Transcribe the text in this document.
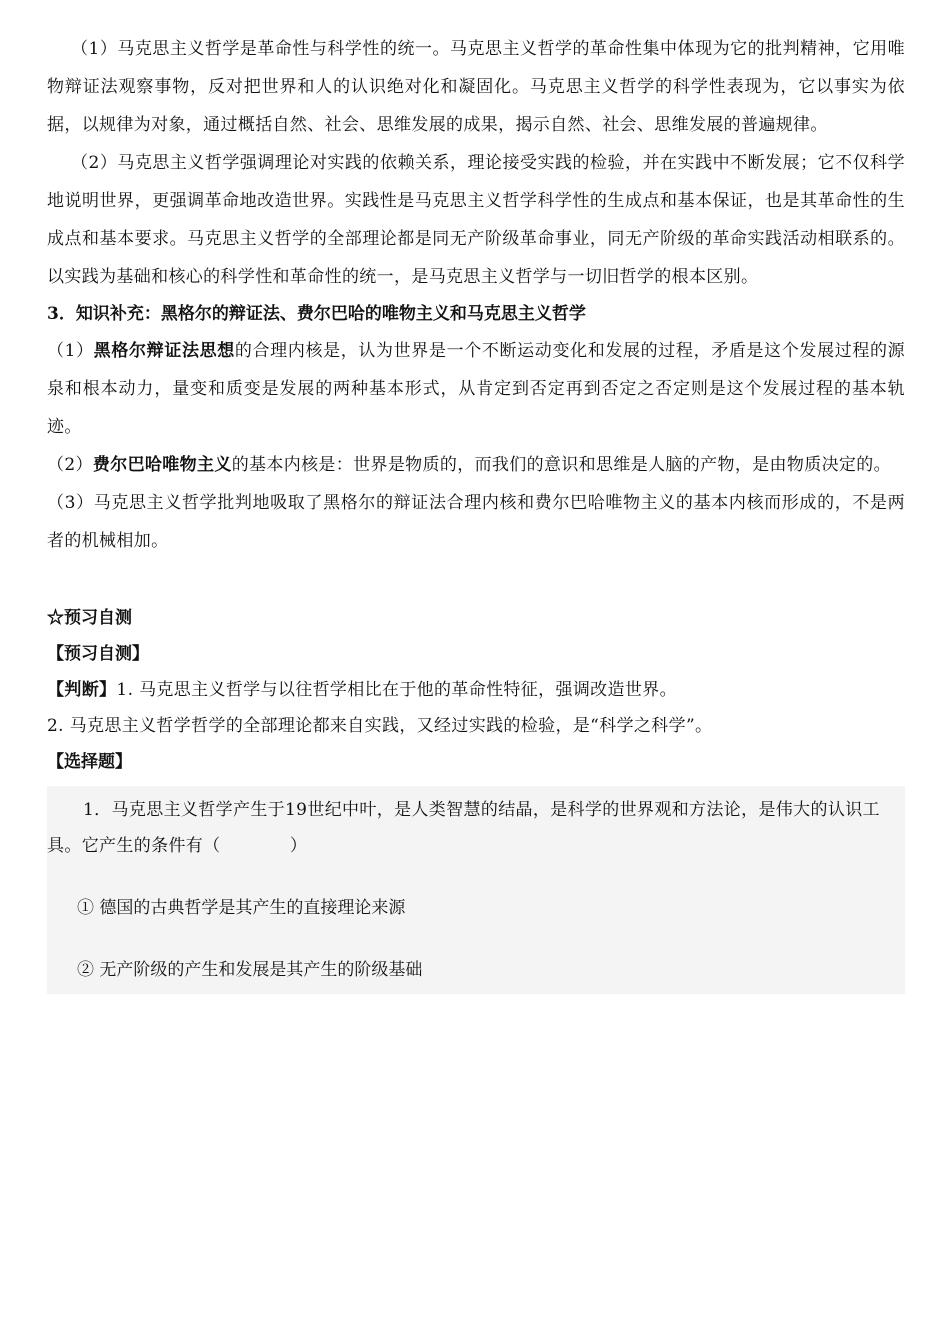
（1）马克思主义哲学是革命性与科学性的统一。马克思主义哲学的革命性集中体现为它的批判精神，它用唯物辩证法观察事物，反对把世界和人的认识绝对化和凝固化。马克思主义哲学的科学性表现为，它以事实为依据，以规律为对象，通过概括自然、社会、思维发展的成果，揭示自然、社会、思维发展的普遍规律。

（2）马克思主义哲学强调理论对实践的依赖关系，理论接受实践的检验，并在实践中不断发展；它不仅科学地说明世界，更强调革命地改造世界。实践性是马克思主义哲学科学性的生成点和基本保证，也是其革命性的生成点和基本要求。马克思主义哲学的全部理论都是同无产阶级革命事业，同无产阶级的革命实践活动相联系的。以实践为基础和核心的科学性和革命性的统一，是马克思主义哲学与一切旧哲学的根本区别。

3．知识补充：黑格尔的辩证法、费尔巴哈的唯物主义和马克思主义哲学

（1）黑格尔辩证法思想的合理内核是，认为世界是一个不断运动变化和发展的过程，矛盾是这个发展过程的源泉和根本动力，量变和质变是发展的两种基本形式，从肯定到否定再到否定之否定则是这个发展过程的基本轨迹。

（2）费尔巴哈唯物主义的基本内核是：世界是物质的，而我们的意识和思维是人脑的产物，是由物质决定的。

（3）马克思主义哲学批判地吸取了黑格尔的辩证法合理内核和费尔巴哈唯物主义的基本内核而形成的，不是两者的机械相加。

☆预习自测

【预习自测】

【判断】1. 马克思主义哲学与以往哲学相比在于他的革命性特征，强调改造世界。

2. 马克思主义哲学哲学的全部理论都来自实践，又经过实践的检验，是“科学之科学”。

【选择题】

1．马克思主义哲学产生于19世纪中叶，是人类智慧的结晶，是科学的世界观和方法论，是伟大的认识工具。它产生的条件有（　　　　）

① 德国的古典哲学是其产生的直接理论来源

② 无产阶级的产生和发展是其产生的阶级基础
